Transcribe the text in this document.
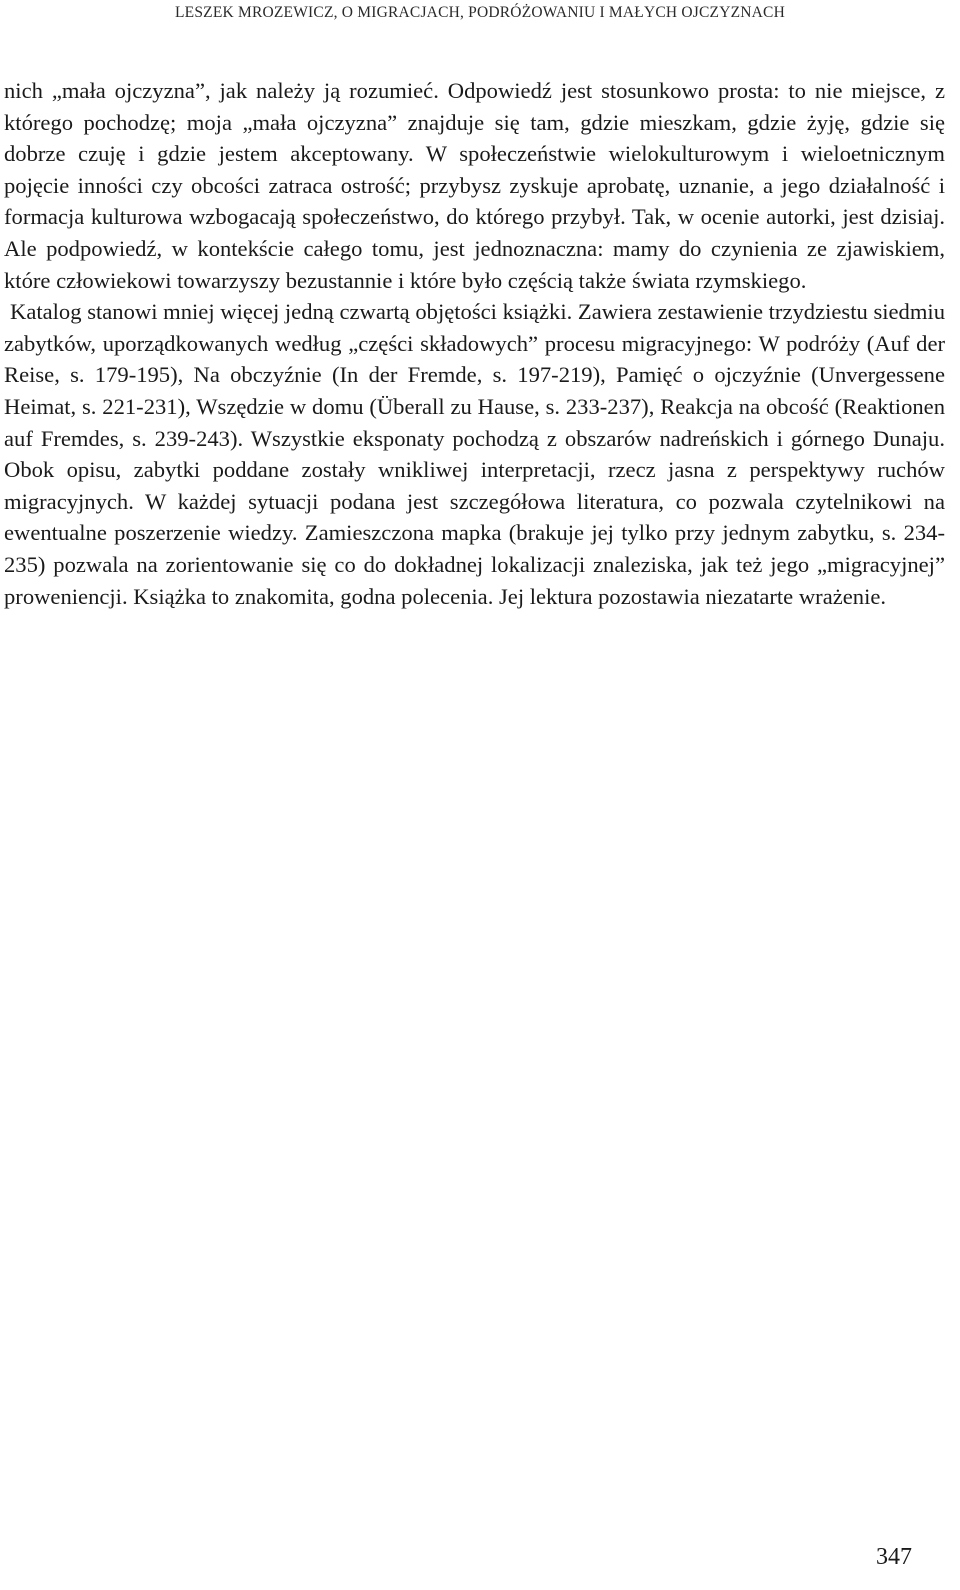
LESZEK MROZEWICZ, O MIGRACJACH, PODRÓŻOWANIU I MAŁYCH OJCZYZNACH

nich „mała ojczyzna”, jak należy ją rozumieć. Odpowiedź jest stosunkowo prosta: to nie miejsce, z którego pochodzę; moja „mała ojczyzna” znajduje się tam, gdzie mieszkam, gdzie żyję, gdzie się dobrze czuję i gdzie jestem akceptowany. W społeczeństwie wielokulturowym i wieloetnicznym pojęcie inności czy obcości zatraca ostrość; przybysz zyskuje aprobatę, uznanie, a jego działalność i formacja kulturowa wzbogacają społeczeństwo, do którego przybył. Tak, w ocenie autorki, jest dzisiaj. Ale podpowiedź, w kontekście całego tomu, jest jednoznaczna: mamy do czynienia ze zjawiskiem, które człowiekowi towarzyszy bezustannie i które było częścią także świata rzymskiego.

Katalog stanowi mniej więcej jedną czwartą objętości książki. Zawiera zestawienie trzydziestu siedmiu zabytków, uporządkowanych według „części składowych” procesu migracyjnego: W podróży (Auf der Reise, s. 179-195), Na obczyźnie (In der Fremde, s. 197-219), Pamięć o ojczyźnie (Unvergessene Heimat, s. 221-231), Wszędzie w domu (Überall zu Hause, s. 233-237), Reakcja na obcość (Reaktionen auf Fremdes, s. 239-243). Wszystkie eksponaty pochodzą z obszarów nadreńskich i górnego Dunaju. Obok opisu, zabytki poddane zostały wnikliwej interpretacji, rzecz jasna z perspektywy ruchów migracyjnych. W każdej sytuacji podana jest szczegółowa literatura, co pozwala czytelnikowi na ewentualne poszerzenie wiedzy. Zamieszczona mapka (brakuje jej tylko przy jednym zabytku, s. 234-235) pozwala na zorientowanie się co do dokładnej lokalizacji znaleziska, jak też jego „migracyjnej” proweniencji. Książka to znakomita, godna polecenia. Jej lektura pozostawia niezatarte wrażenie.

347
